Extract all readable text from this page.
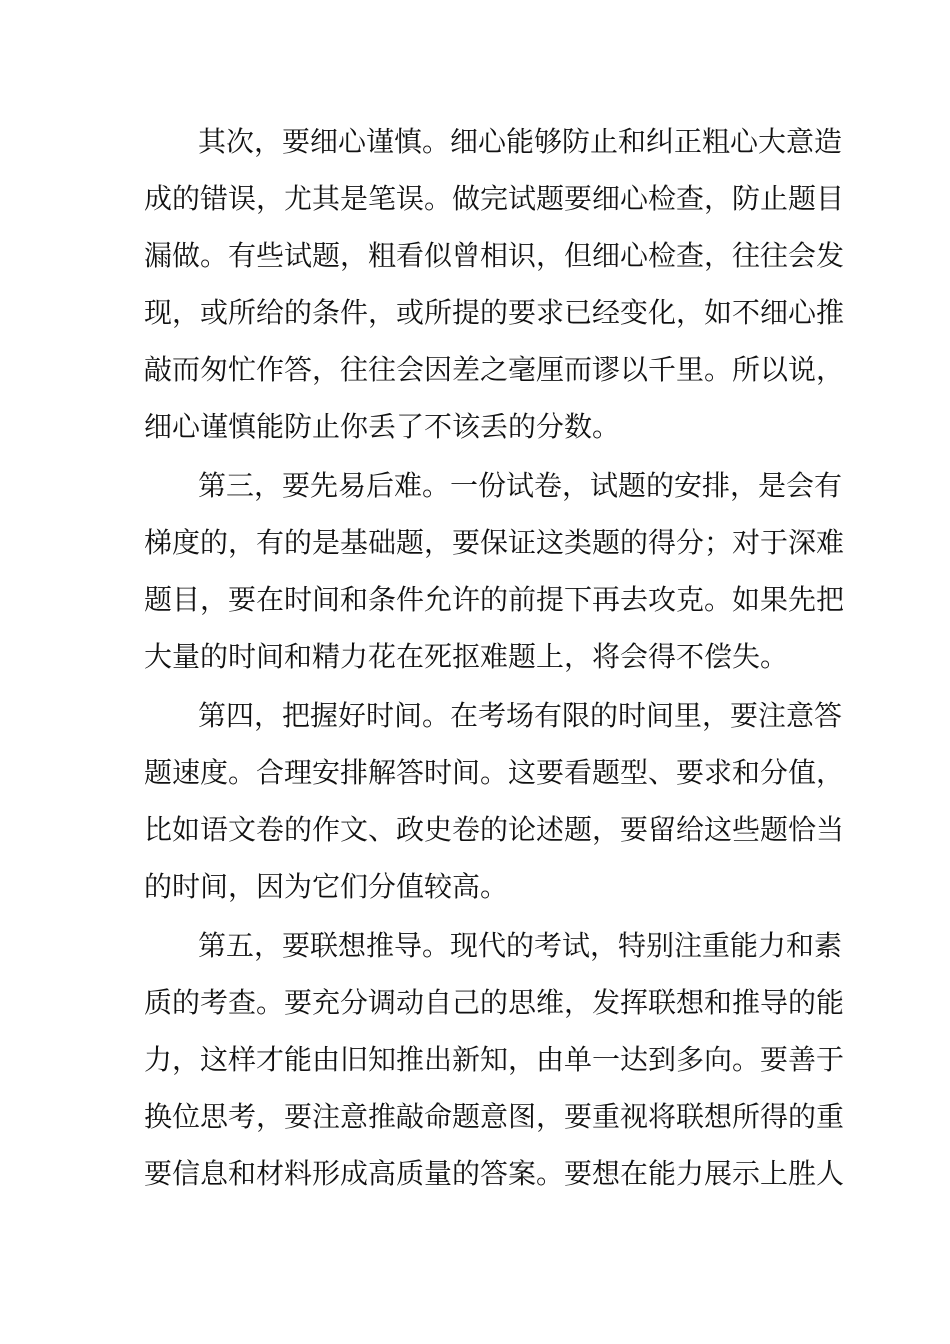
其次，要细心谨慎。细心能够防止和纠正粗心大意造
成的错误，尤其是笔误。做完试题要细心检查，防止题目
漏做。有些试题，粗看似曾相识，但细心检查，往往会发
现，或所给的条件，或所提的要求已经变化，如不细心推
敲而匆忙作答，往往会因差之毫厘而谬以千里。所以说，
细心谨慎能防止你丢了不该丢的分数。
第三，要先易后难。一份试卷，试题的安排，是会有
梯度的，有的是基础题，要保证这类题的得分；对于深难
题目，要在时间和条件允许的前提下再去攻克。如果先把
大量的时间和精力花在死抠难题上，将会得不偿失。
第四，把握好时间。在考场有限的时间里，要注意答
题速度。合理安排解答时间。这要看题型、要求和分值，
比如语文卷的作文、政史卷的论述题，要留给这些题恰当
的时间，因为它们分值较高。
第五，要联想推导。现代的考试，特别注重能力和素
质的考查。要充分调动自己的思维，发挥联想和推导的能
力，这样才能由旧知推出新知，由单一达到多向。要善于
换位思考，要注意推敲命题意图，要重视将联想所得的重
要信息和材料形成高质量的答案。要想在能力展示上胜人
